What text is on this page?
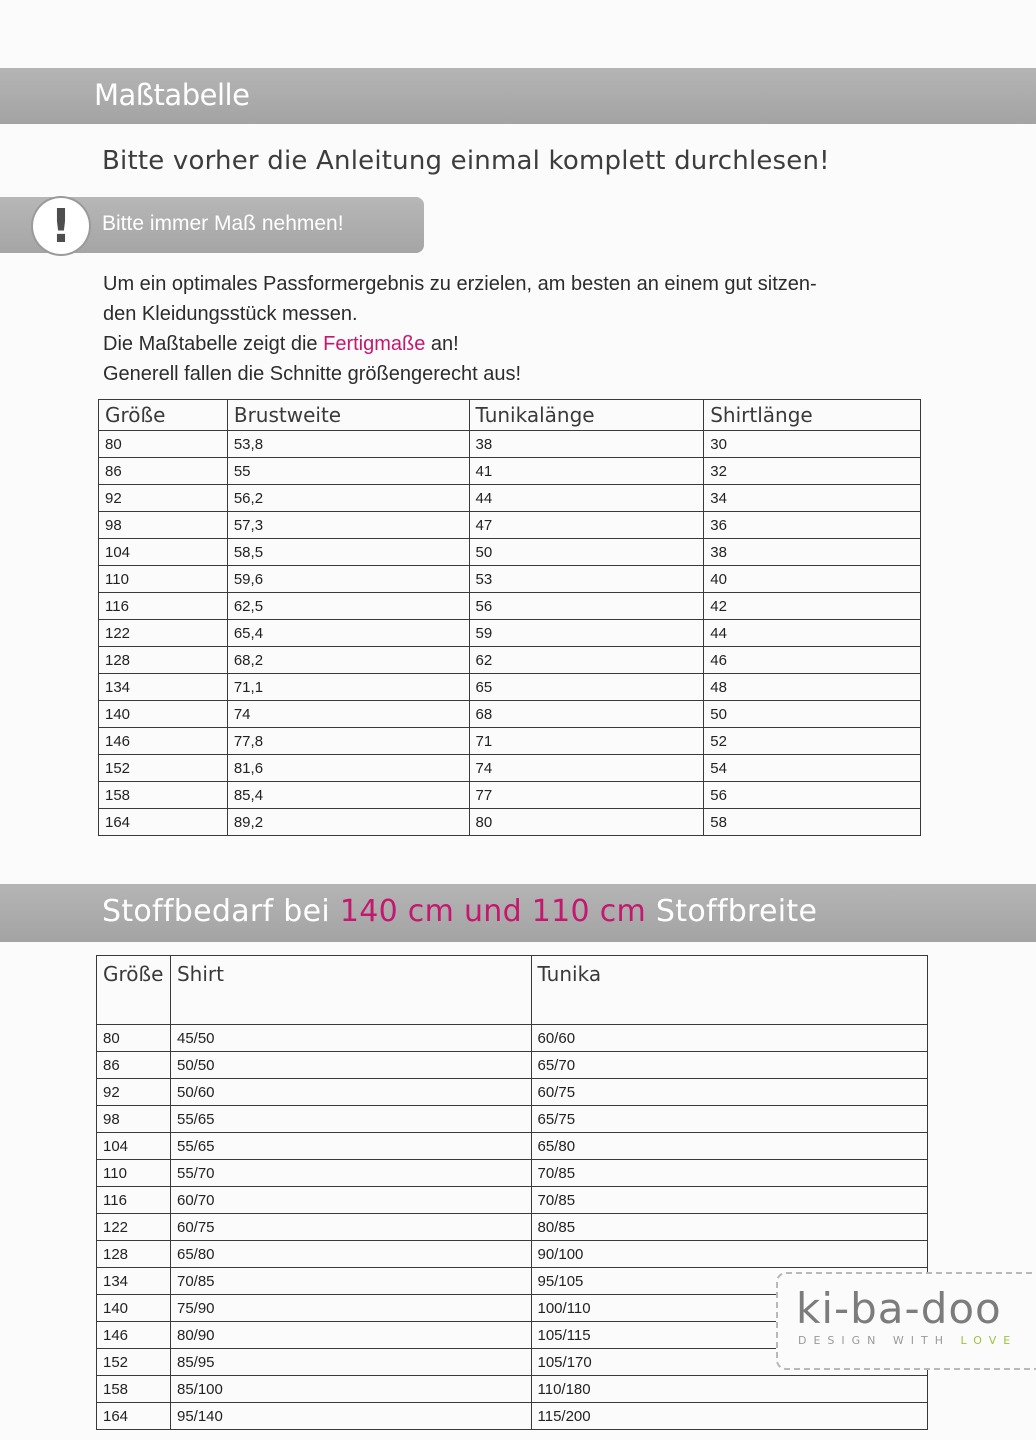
Maßtabelle
Bitte vorher die Anleitung einmal komplett durchlesen!
!	Bitte immer Maß nehmen!

Um ein optimales Passformergebnis zu erzielen, am besten an einem gut sitzen-

den Kleidungsstück messen.

Die Maßtabelle zeigt die Fertigmaße an!

Generell fallen die Schnitte größengerecht aus!

Größe	Brustweite	Tunikalänge	Shirtlänge
80	53,8	38	30
86	55	41	32
92	56,2	44	34
98	57,3	47	36
104	58,5	50	38
110	59,6	53	40
116	62,5	56	42
122	65,4	59	44
128	68,2	62	46
134	71,1	65	48
140	74	68	50
146	77,8	71	52
152	81,6	74	54
158	85,4	77	56
164	89,2	80	58
Stoffbedarf bei 140 cm und 110 cm Stoffbreite
Größe	Shirt	Tunika
80	45/50	60/60
86	50/50	65/70
92	50/60	60/75
98	55/65	65/75
104	55/65	65/80
110	55/70	70/85
116	60/70	70/85
122	60/75	80/85
128	65/80	90/100
134	70/85	95/105
140	75/90	100/110
146	80/90	105/115
152	85/95	105/170
158	85/100	110/180
164	95/140	115/200
ki-ba-doo
DESIGN WITH LOVE
